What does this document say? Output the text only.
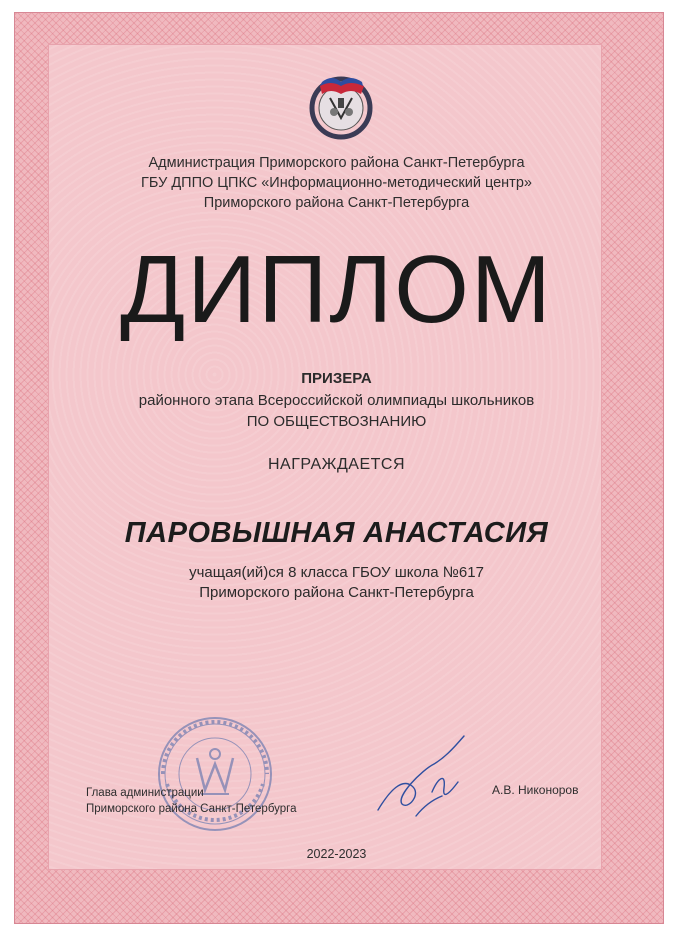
Администрация Приморского района Санкт-Петербурга
ГБУ ДППО ЦПКС «Информационно-методический центр»
Приморского района Санкт-Петербурга
ДИПЛОМ
ПРИЗЕРА
районного этапа Всероссийской олимпиады школьников
ПО ОБЩЕСТВОЗНАНИЮ
НАГРАЖДАЕТСЯ
ПАРОВЫШНАЯ АНАСТАСИЯ
учащая(ий)ся 8 класса ГБОУ школа №617
Приморского района Санкт-Петербурга
Глава администрации
Приморского района Санкт-Петербурга
А.В. Никоноров
2022-2023
